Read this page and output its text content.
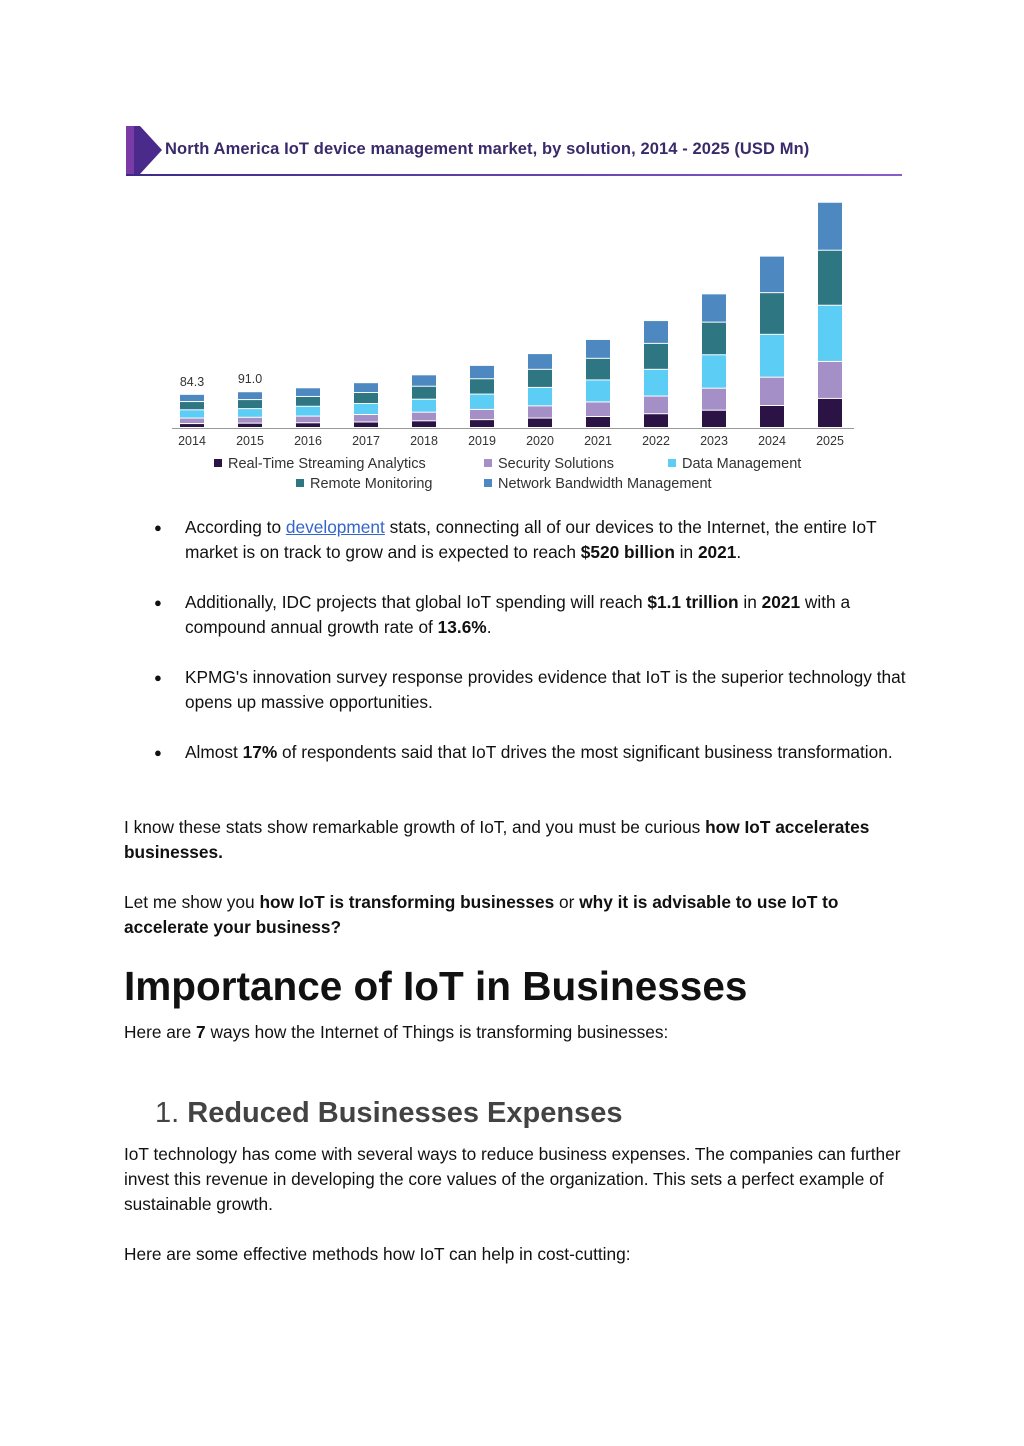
North America IoT device management market, by solution, 2014 - 2025 (USD Mn)
2014
84.3
2015
91.0
2016 2017 2018 2019 2020 2021 2022 2023 2024 2025
Real-Time Streaming Analytics	Security Solutions	Data Management
Remote Monitoring	Network Bandwidth Management
● According to development stats, connecting all of our devices to the Internet, the entire IoT market is on track to grow and is expected to reach $520 billion in 2021.
● Additionally, IDC projects that global IoT spending will reach $1.1 trillion in 2021 with a compound annual growth rate of 13.6%.
● KPMG's innovation survey response provides evidence that IoT is the superior technology that opens up massive opportunities.
● Almost 17% of respondents said that IoT drives the most significant business transformation.

I know these stats show remarkable growth of IoT, and you must be curious how IoT accelerates businesses.

Let me show you how IoT is transforming businesses or why it is advisable to use IoT to accelerate your business?

Importance of IoT in Businesses

Here are 7 ways how the Internet of Things is transforming businesses:

1. Reduced Businesses Expenses

IoT technology has come with several ways to reduce business expenses. The companies can further invest this revenue in developing the core values of the organization. This sets a perfect example of sustainable growth.

Here are some effective methods how IoT can help in cost-cutting:
